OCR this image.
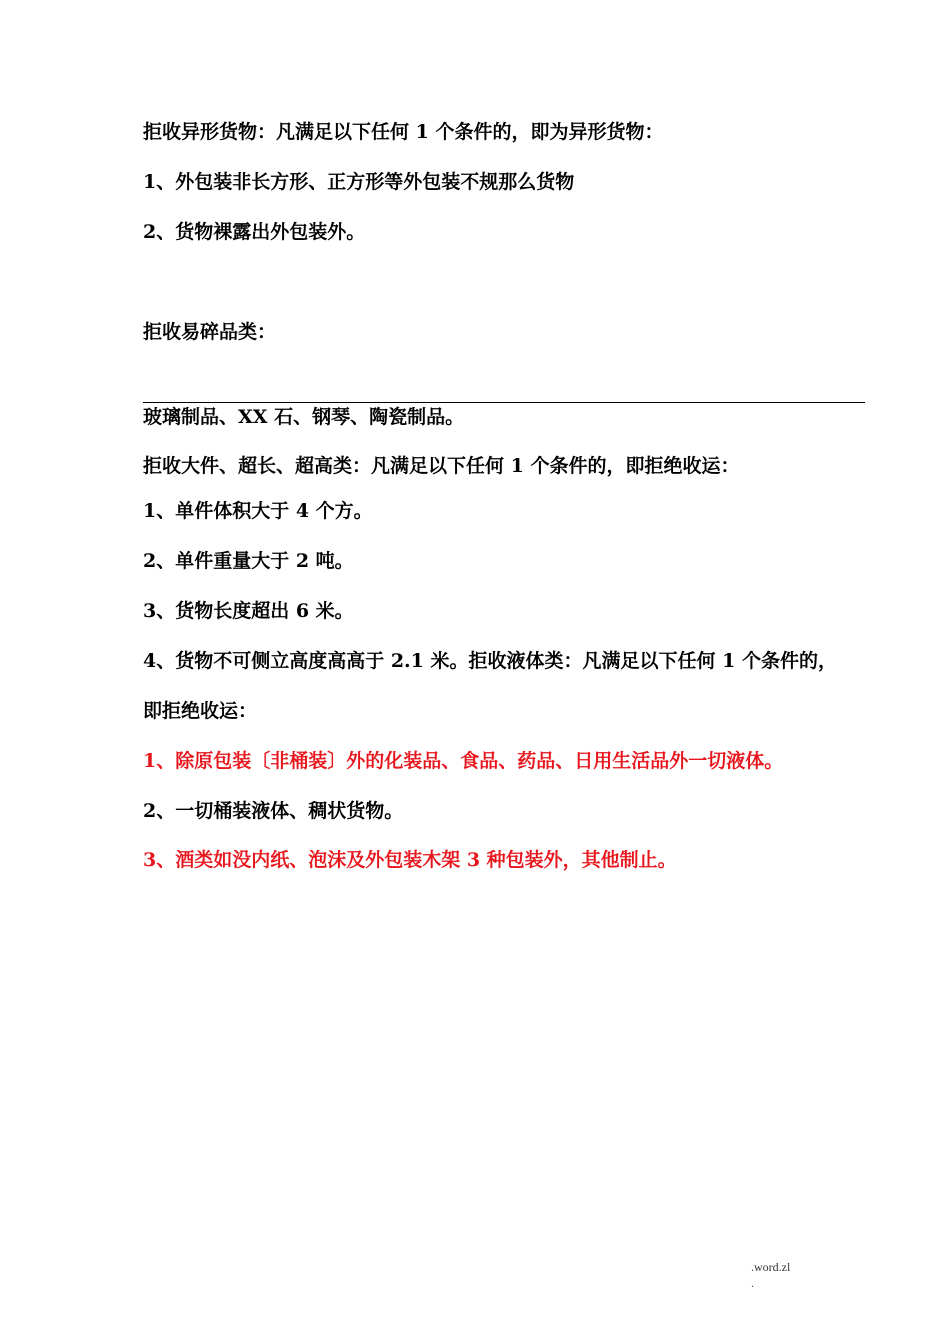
拒收异形货物：凡满足以下任何 1 个条件的，即为异形货物：

1、外包装非长方形、正方形等外包装不规那么货物

2、货物裸露出外包装外。

拒收易碎品类：

玻璃制品、XX 石、钢琴、陶瓷制品。

拒收大件、超长、超高类：凡满足以下任何 1 个条件的，即拒绝收运：

1、单件体积大于 4 个方。

2、单件重量大于 2 吨。

3、货物长度超出 6 米。

4、货物不可侧立高度高高于 2.1 米。拒收液体类：凡满足以下任何 1 个条件的，

即拒绝收运：

1、除原包装〔非桶装〕外的化装品、食品、药品、日用生活品外一切液体。

2、一切桶装液体、稠状货物。

3、酒类如没内纸、泡沫及外包装木架 3 种包装外，其他制止。

.word.zl
.
